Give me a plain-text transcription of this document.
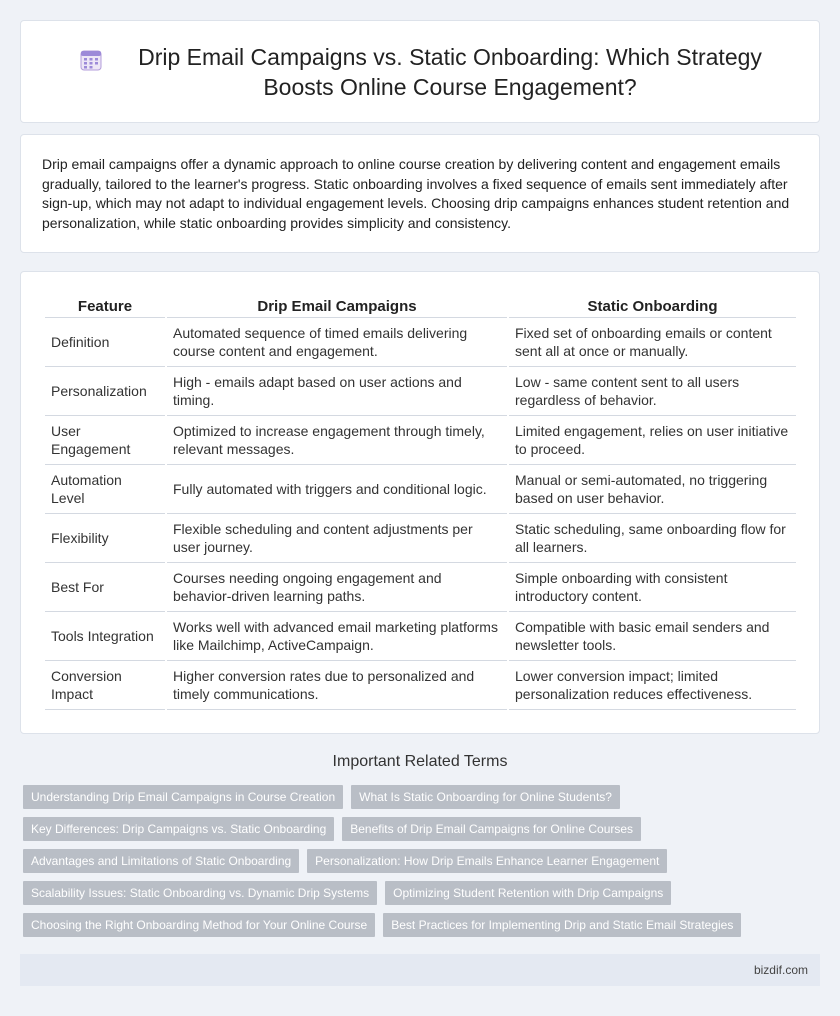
Drip Email Campaigns vs. Static Onboarding: Which Strategy Boosts Online Course Engagement?

Drip email campaigns offer a dynamic approach to online course creation by delivering content and engagement emails gradually, tailored to the learner's progress. Static onboarding involves a fixed sequence of emails sent immediately after sign-up, which may not adapt to individual engagement levels. Choosing drip campaigns enhances student retention and personalization, while static onboarding provides simplicity and consistency.

Feature	Drip Email Campaigns	Static Onboarding
Definition	Automated sequence of timed emails delivering course content and engagement.	Fixed set of onboarding emails or content sent all at once or manually.
Personalization	High - emails adapt based on user actions and timing.	Low - same content sent to all users regardless of behavior.
User Engagement	Optimized to increase engagement through timely, relevant messages.	Limited engagement, relies on user initiative to proceed.
Automation Level	Fully automated with triggers and conditional logic.	Manual or semi-automated, no triggering based on user behavior.
Flexibility	Flexible scheduling and content adjustments per user journey.	Static scheduling, same onboarding flow for all learners.
Best For	Courses needing ongoing engagement and behavior-driven learning paths.	Simple onboarding with consistent introductory content.
Tools Integration	Works well with advanced email marketing platforms like Mailchimp, ActiveCampaign.	Compatible with basic email senders and newsletter tools.
Conversion Impact	Higher conversion rates due to personalized and timely communications.	Lower conversion impact; limited personalization reduces effectiveness.
Important Related Terms
Understanding Drip Email Campaigns in Course Creation	What Is Static Onboarding for Online Students?
Key Differences: Drip Campaigns vs. Static Onboarding	Benefits of Drip Email Campaigns for Online Courses
Advantages and Limitations of Static Onboarding	Personalization: How Drip Emails Enhance Learner Engagement
Scalability Issues: Static Onboarding vs. Dynamic Drip Systems	Optimizing Student Retention with Drip Campaigns
Choosing the Right Onboarding Method for Your Online Course	Best Practices for Implementing Drip and Static Email Strategies
bizdif.com
